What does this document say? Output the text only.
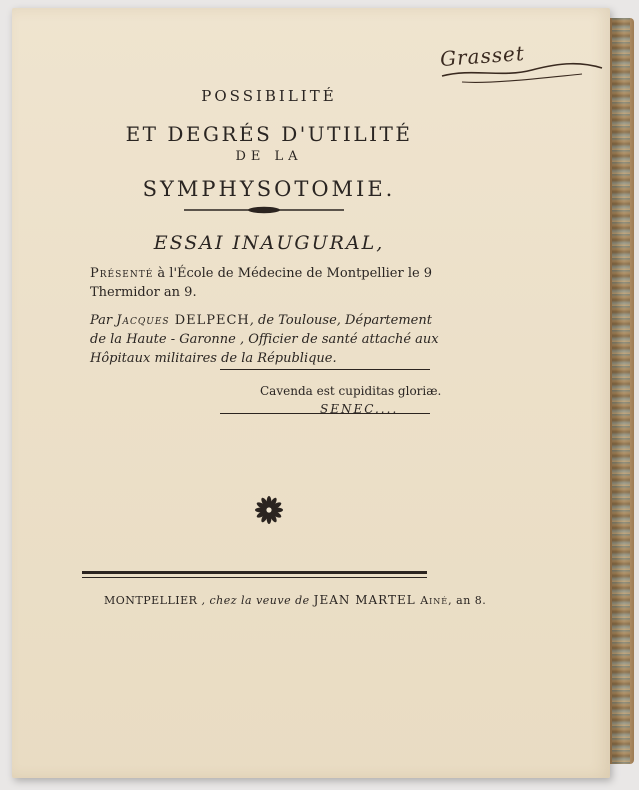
Grasset
POSSIBILITÉ
ET DEGRÉS D'UTILITÉ
DE LA
SYMPHYSOTOMIE.
ESSAI INAUGURAL,
Présenté à l'École de Médecine de Montpellier le 9
Thermidor an 9.
Par Jacques DELPECH, de Toulouse, Département
de la Haute - Garonne , Officier de santé attaché aux
Hôpitaux militaires de la République.
Cavenda est cupiditas gloriæ.
SENEC....
MONTPELLIER , chez la veuve de JEAN MARTEL Ainé, an 8.
